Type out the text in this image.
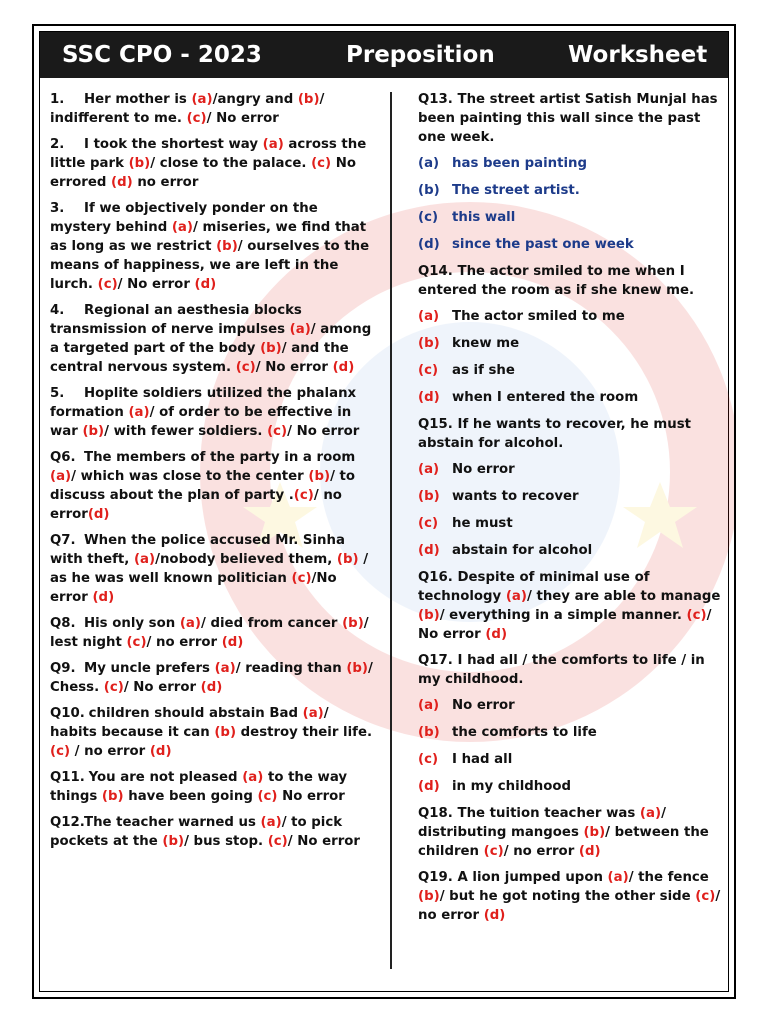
SSC CPO - 2023	Preposition	Worksheet
1. Her mother is (a)/angry and (b)/ indifferent to me. (c)/ No error
2. I took the shortest way (a) across the little park (b)/ close to the palace. (c) No errored (d) no error
3. If we objectively ponder on the mystery behind (a)/ miseries, we find that as long as we restrict (b)/ ourselves to the means of happiness, we are left in the lurch. (c)/ No error (d)
4. Regional an aesthesia blocks transmission of nerve impulses (a)/ among a targeted part of the body (b)/ and the central nervous system. (c)/ No error (d)
5. Hoplite soldiers utilized the phalanx formation (a)/ of order to be effective in war (b)/ with fewer soldiers. (c)/ No error
Q6. The members of the party in a room (a)/ which was close to the center (b)/ to discuss about the plan of party .(c)/ no error(d)
Q7. When the police accused Mr. Sinha with theft, (a)/nobody believed them, (b) / as he was well known politician (c)/No error (d)
Q8. His only son (a)/ died from cancer (b)/ lest night (c)/ no error (d)
Q9. My uncle prefers (a)/ reading than (b)/ Chess. (c)/ No error (d)
Q10. children should abstain Bad (a)/ habits because it can (b) destroy their life. (c) / no error (d)
Q11. You are not pleased (a) to the way things (b) have been going (c) No error
Q12.The teacher warned us (a)/ to pick pockets at the (b)/ bus stop. (c)/ No error
Q13. The street artist Satish Munjal has been painting this wall since the past one week.
(a) has been painting
(b) The street artist.
(c) this wall
(d) since the past one week
Q14. The actor smiled to me when I entered the room as if she knew me.
(a) The actor smiled to me
(b) knew me
(c) as if she
(d) when I entered the room
Q15. If he wants to recover, he must abstain for alcohol.
(a) No error
(b) wants to recover
(c) he must
(d) abstain for alcohol
Q16. Despite of minimal use of technology (a)/ they are able to manage (b)/ everything in a simple manner. (c)/ No error (d)
Q17. I had all / the comforts to life / in my childhood.
(a) No error
(b) the comforts to life
(c) I had all
(d) in my childhood
Q18. The tuition teacher was (a)/ distributing mangoes (b)/ between the children (c)/ no error (d)
Q19. A lion jumped upon (a)/ the fence (b)/ but he got noting the other side (c)/ no error (d)
